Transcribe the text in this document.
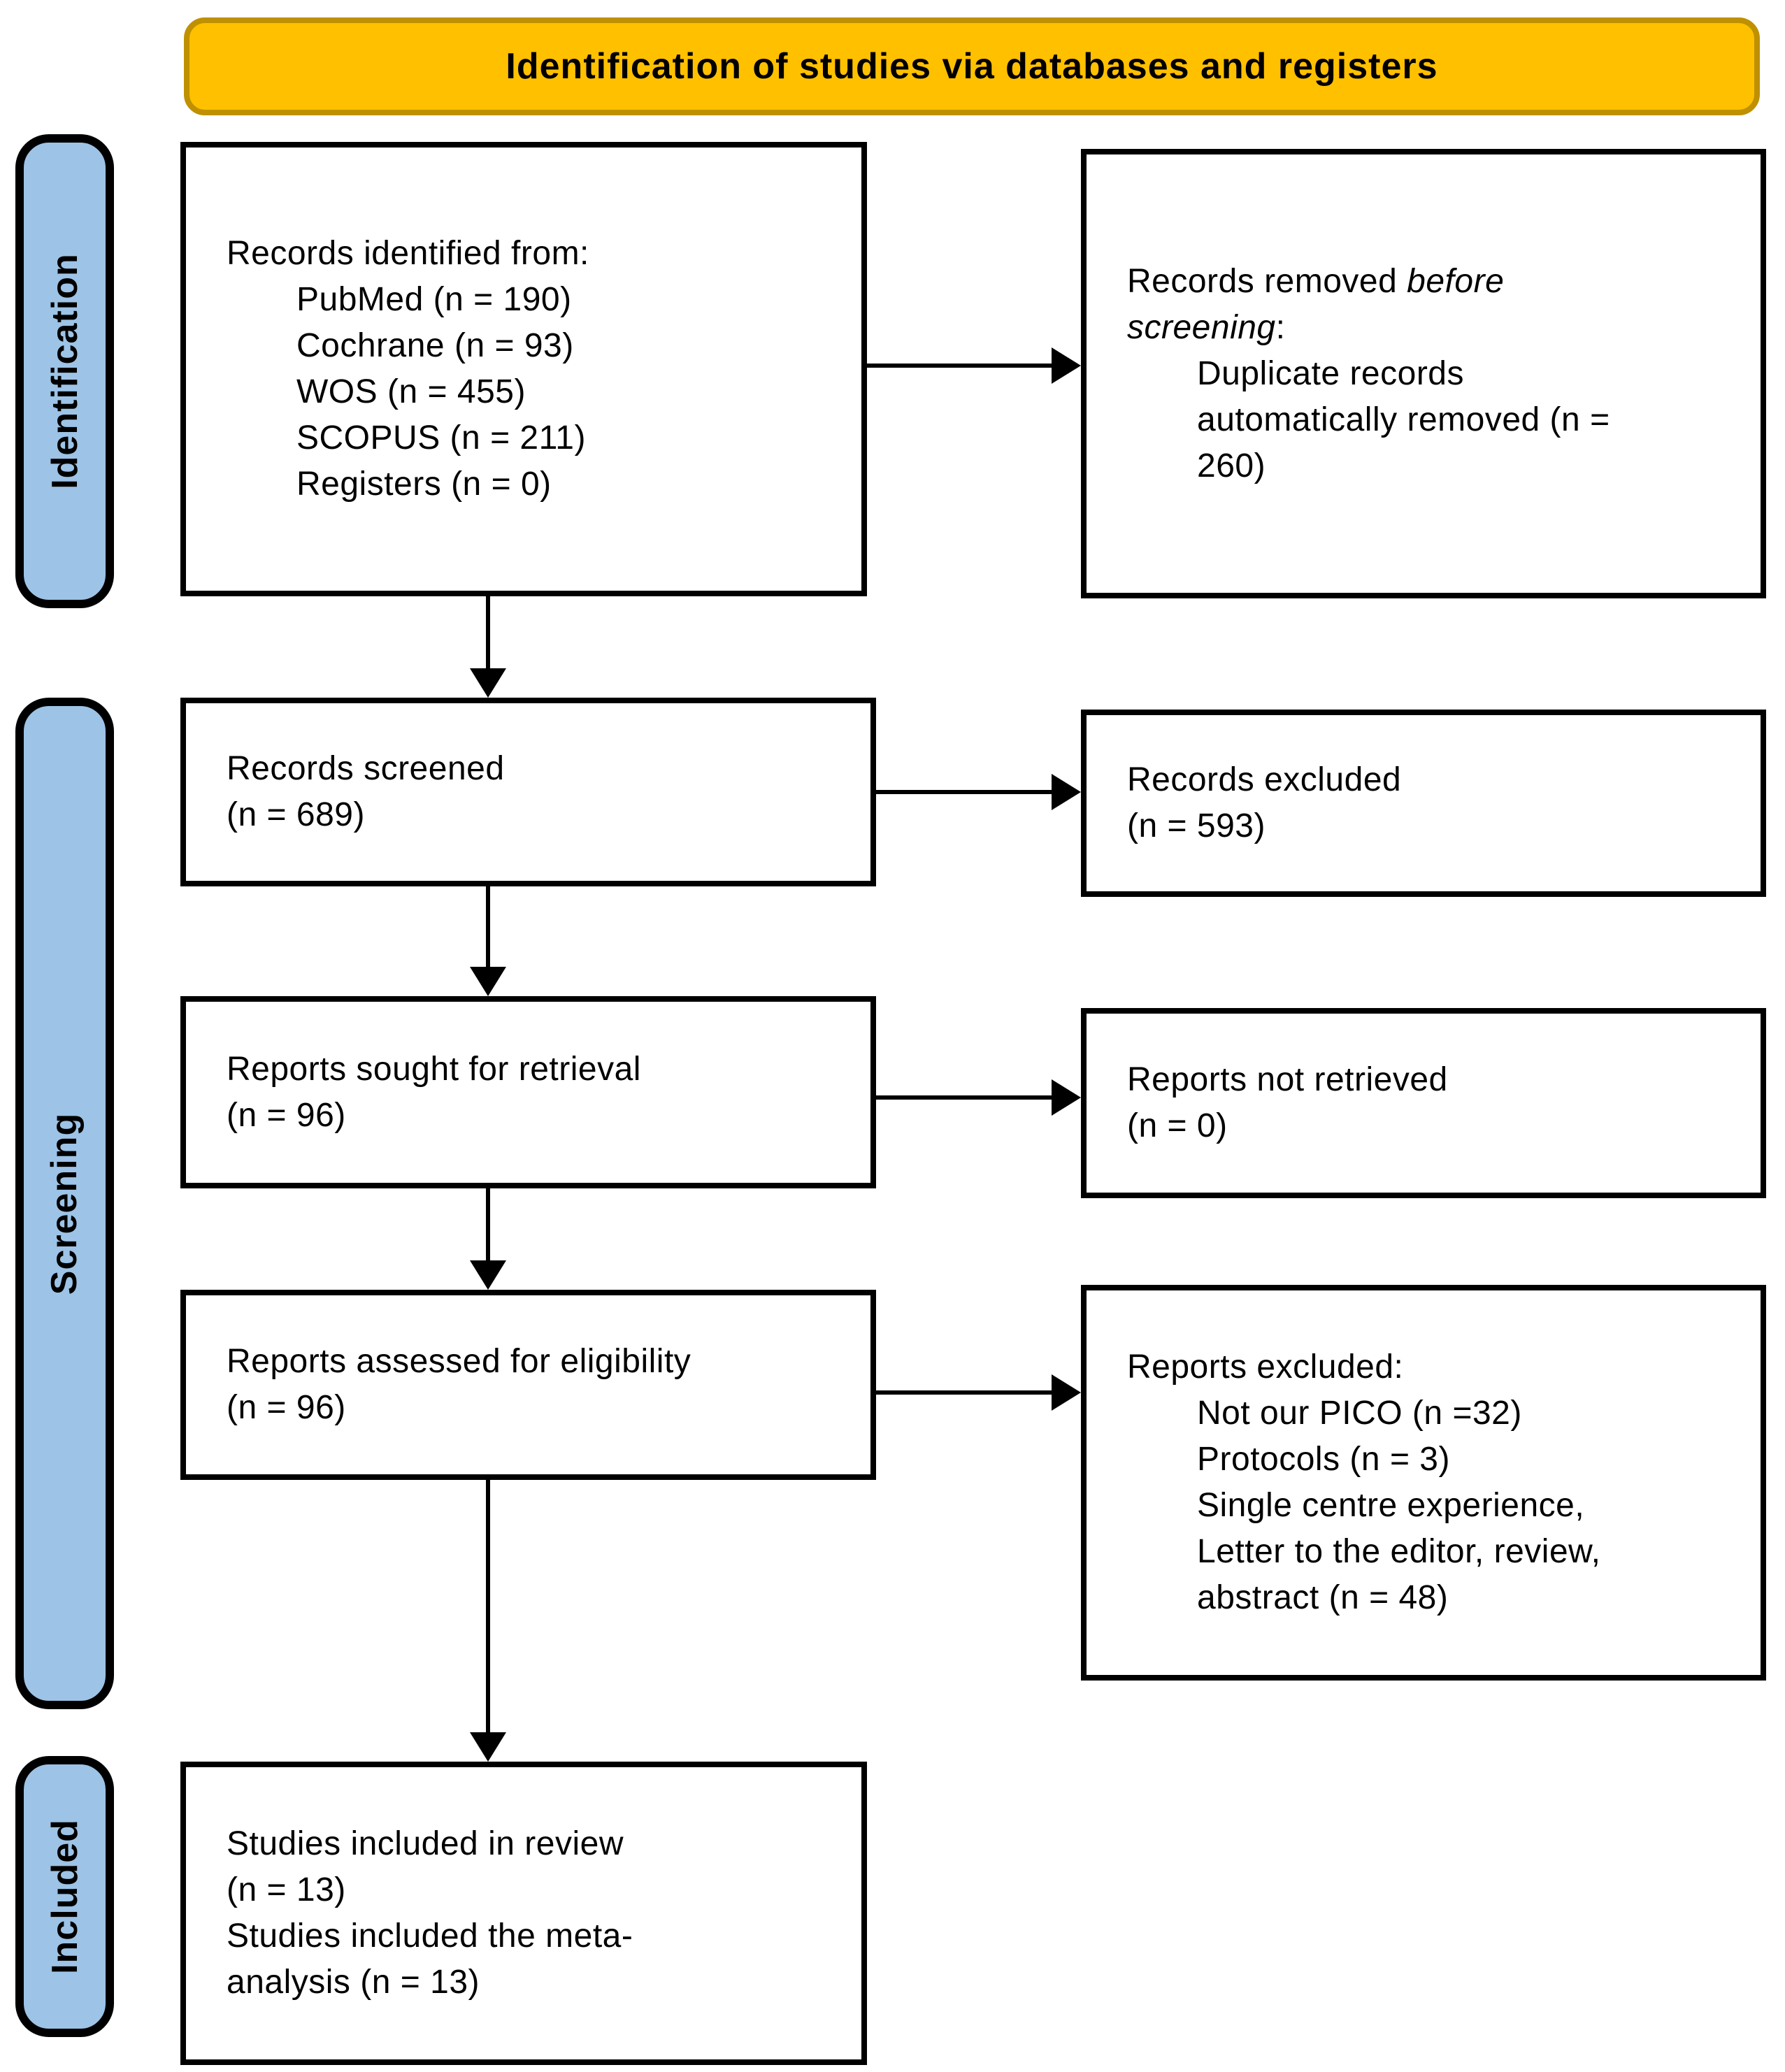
Identification of studies via databases and registers
Identification
Screening
Included
Records identified from:
PubMed (n = 190)
Cochrane (n = 93)
WOS (n = 455)
SCOPUS (n = 211)
Registers (n = 0)
Records removed before
screening:
Duplicate records
automatically removed (n =
260)
Records screened
(n = 689)
Records excluded
(n = 593)
Reports sought for retrieval
(n = 96)
Reports not retrieved
(n = 0)
Reports assessed for eligibility
(n = 96)
Reports excluded:
Not our PICO (n =32)
Protocols (n = 3)
Single centre experience,
Letter to the editor, review,
abstract (n = 48)
Studies included in review
(n = 13)
Studies included the meta-
analysis (n = 13)
